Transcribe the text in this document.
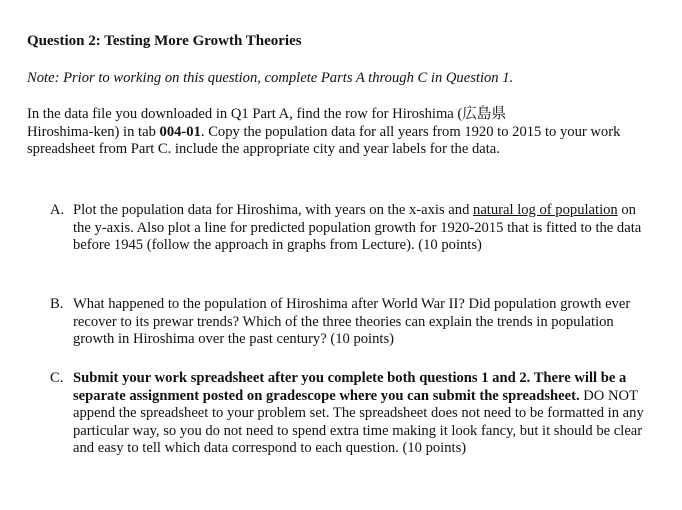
Question 2: Testing More Growth Theories
Note: Prior to working on this question, complete Parts A through C in Question 1.
In the data file you downloaded in Q1 Part A, find the row for Hiroshima (広島県
Hiroshima-ken) in tab 004-01. Copy the population data for all years from 1920 to 2015 to your work spreadsheet from Part C. include the appropriate city and year labels for the data.
A. Plot the population data for Hiroshima, with years on the x-axis and natural log of population on the y-axis. Also plot a line for predicted population growth for 1920-2015 that is fitted to the data before 1945 (follow the approach in graphs from Lecture). (10 points)
B. What happened to the population of Hiroshima after World War II? Did population growth ever recover to its prewar trends? Which of the three theories can explain the trends in population growth in Hiroshima over the past century? (10 points)
C. Submit your work spreadsheet after you complete both questions 1 and 2. There will be a separate assignment posted on gradescope where you can submit the spreadsheet. DO NOT append the spreadsheet to your problem set. The spreadsheet does not need to be formatted in any particular way, so you do not need to spend extra time making it look fancy, but it should be clear and easy to tell which data correspond to each question. (10 points)
